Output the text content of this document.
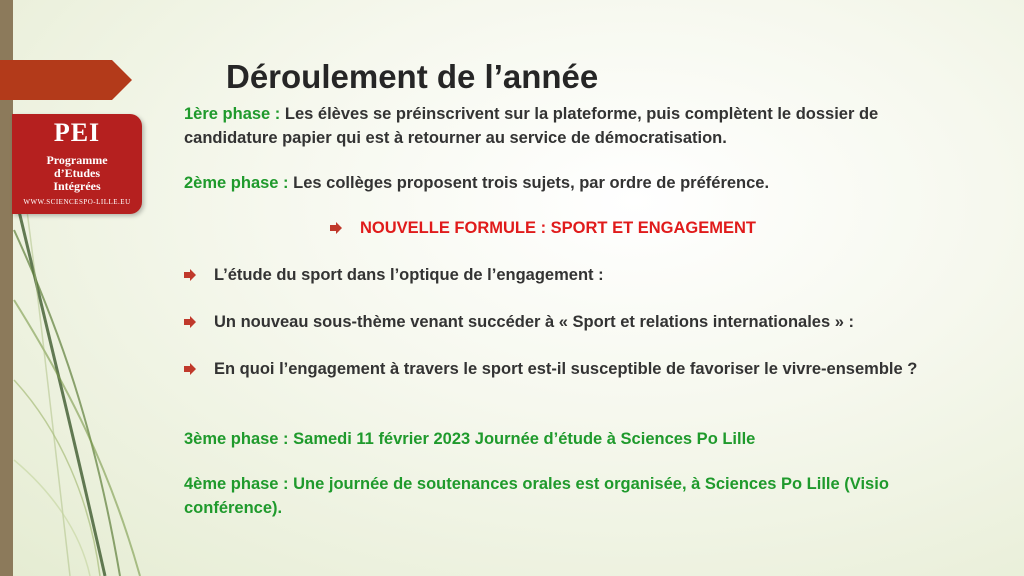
PEI
Programme
d’Etudes
Intégrées
WWW.SCIENCESPO-LILLE.EU
Déroulement de l’année

1ère phase : Les élèves se préinscrivent sur la plateforme, puis complètent le dossier de candidature papier qui est à retourner au service de démocratisation.

2ème phase : Les collèges proposent trois sujets, par ordre de préférence.

NOUVELLE FORMULE : SPORT ET ENGAGEMENT
L’étude du sport dans l’optique de l’engagement :
Un nouveau sous-thème venant succéder à « Sport et relations internationales » :
En quoi l’engagement à travers le sport est-il susceptible de favoriser le vivre-ensemble ?

3ème phase : Samedi 11 février 2023 Journée d’étude à Sciences Po Lille

4ème phase : Une journée de soutenances orales est organisée, à Sciences Po Lille (Visio conférence).
